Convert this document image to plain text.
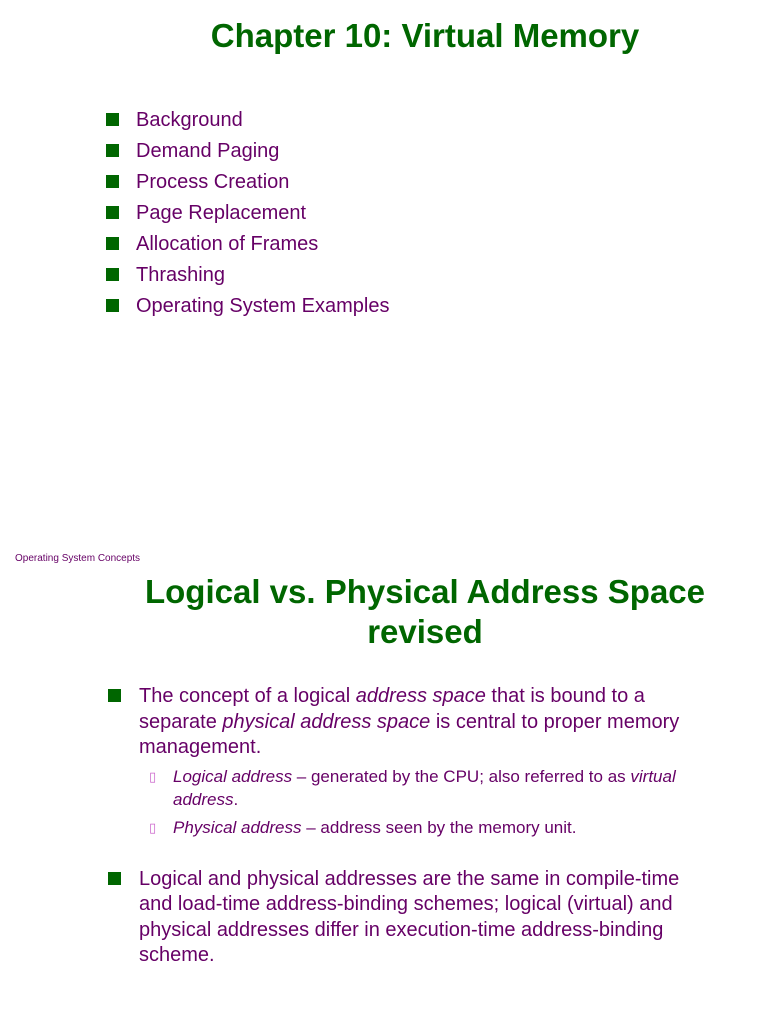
Chapter 10: Virtual Memory
Background
Demand Paging
Process Creation
Page Replacement
Allocation of Frames
Thrashing
Operating System Examples
Operating System Concepts
Logical vs. Physical Address Space
revised
The concept of a logical address space that is bound to a separate physical address space is central to proper memory management.
▯ Logical address – generated by the CPU; also referred to as virtual address.
▯ Physical address – address seen by the memory unit.
Logical and physical addresses are the same in compile-time and load-time address-binding schemes; logical (virtual) and physical addresses differ in execution-time address-binding scheme.
